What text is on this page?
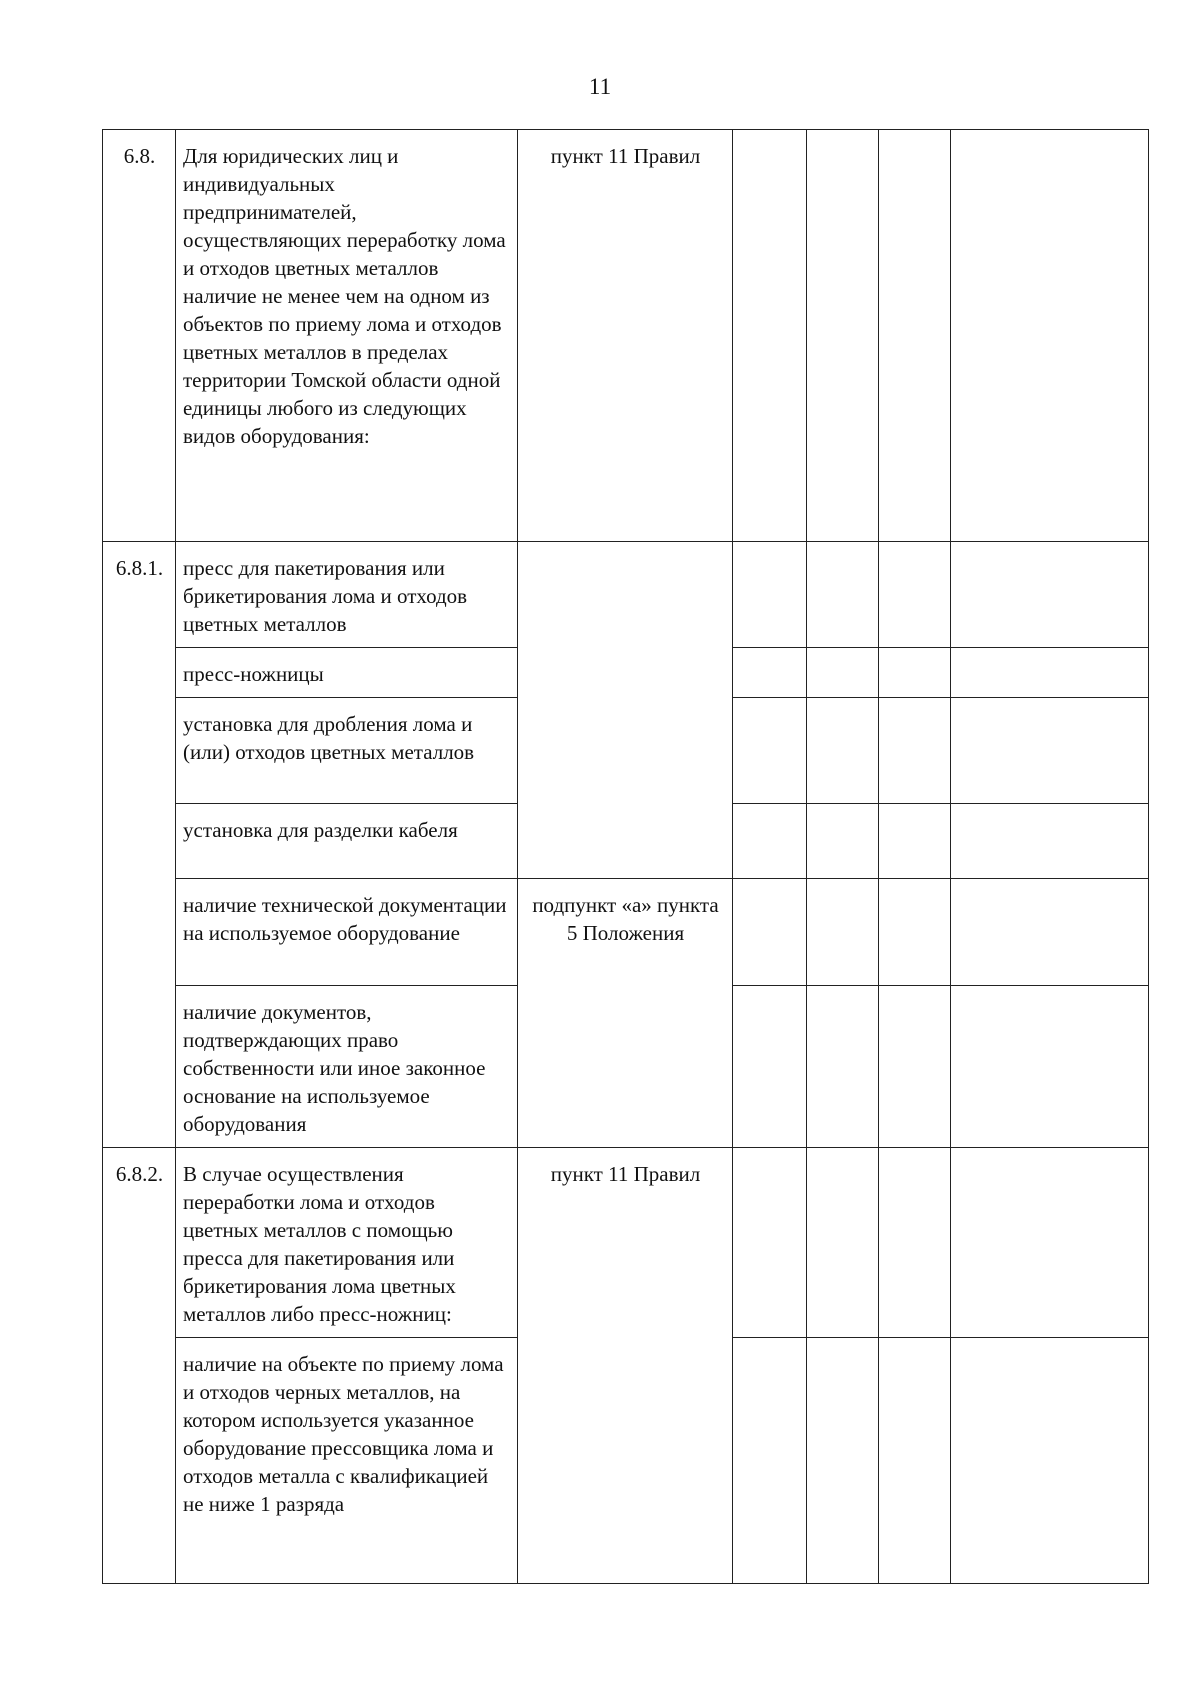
11
6.8.	Для юридических лиц и индивидуальных предпринимателей, осуществляющих переработку лома и отходов цветных металлов наличие не менее чем на одном из объектов по приему лома и отходов цветных металлов в пределах территории Томской области одной единицы любого из следующих видов оборудования:	пункт 11 Правил				
6.8.1.	пресс для пакетирования или брикетирования лома и отходов цветных металлов					
	пресс-ножницы					
	установка для дробления лома и (или) отходов цветных металлов					
	установка для разделки кабеля					
	наличие технической документации на используемое оборудование	подпункт «а» пункта 5 Положения				
	наличие документов, подтверждающих право собственности или иное законное основание на используемое оборудования					
6.8.2.	В случае осуществления переработки лома и отходов цветных металлов с помощью пресса для пакетирования или брикетирования лома цветных металлов либо пресс-ножниц:	пункт 11 Правил				
	наличие на объекте по приему лома и отходов черных металлов, на котором используется указанное оборудование прессовщика лома и отходов металла с квалификацией не ниже 1 разряда					
